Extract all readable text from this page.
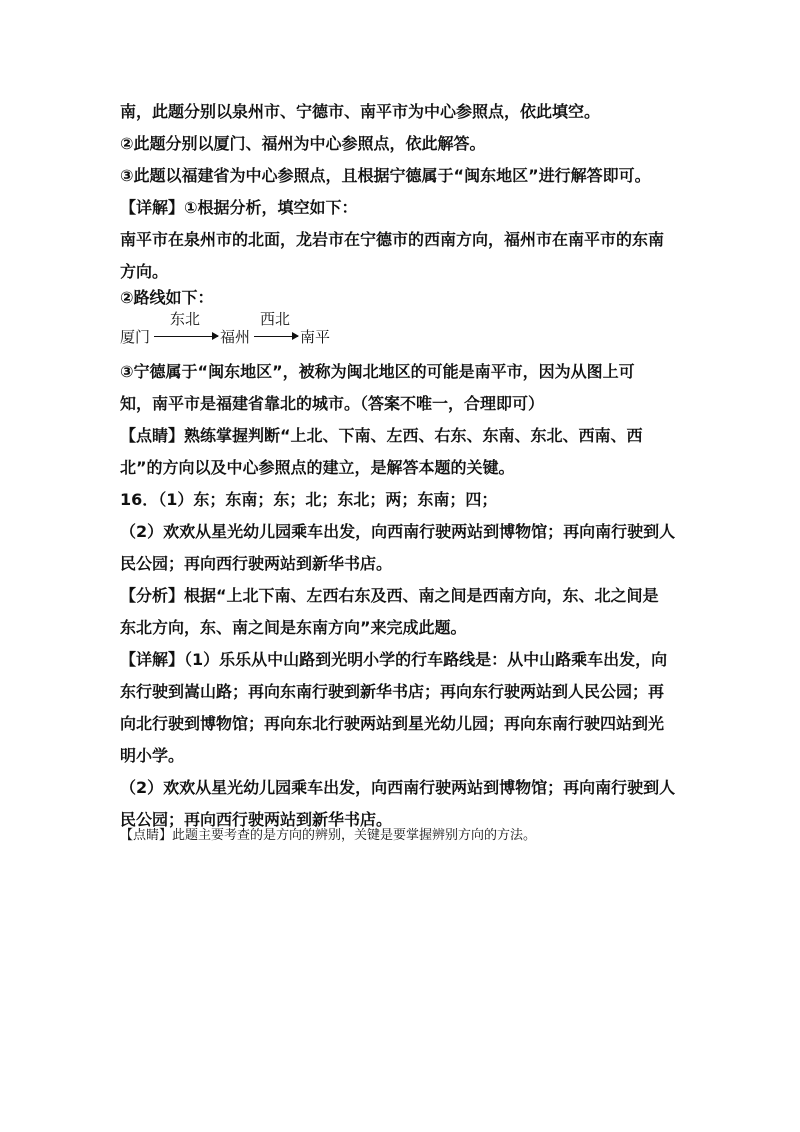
南，此题分别以泉州市、宁德市、南平市为中心参照点，依此填空。
②此题分别以厦门、福州为中心参照点，依此解答。
③此题以福建省为中心参照点，且根据宁德属于“闽东地区”进行解答即可。
【详解】①根据分析，填空如下：
南平市在泉州市的北面，龙岩市在宁德市的西南方向，福州市在南平市的东南
方向。
②路线如下：
厦门
东北
福州
西北
南平
③宁德属于“闽东地区”，被称为闽北地区的可能是南平市，因为从图上可
知，南平市是福建省靠北的城市。（答案不唯一，合理即可）
【点睛】熟练掌握判断“上北、下南、左西、右东、东南、东北、西南、西
北”的方向以及中心参照点的建立，是解答本题的关键。
16．（1）东；东南；东；北；东北；两；东南；四；
（2）欢欢从星光幼儿园乘车出发，向西南行驶两站到博物馆；再向南行驶到人
民公园；再向西行驶两站到新华书店。
【分析】根据“上北下南、左西右东及西、南之间是西南方向，东、北之间是
东北方向，东、南之间是东南方向”来完成此题。
【详解】（1）乐乐从中山路到光明小学的行车路线是：从中山路乘车出发，向
东行驶到嵩山路；再向东南行驶到新华书店；再向东行驶两站到人民公园；再
向北行驶到博物馆；再向东北行驶两站到星光幼儿园；再向东南行驶四站到光
明小学。
（2）欢欢从星光幼儿园乘车出发，向西南行驶两站到博物馆；再向南行驶到人
民公园；再向西行驶两站到新华书店。
【点睛】此题主要考查的是方向的辨别，关键是要掌握辨别方向的方法。
